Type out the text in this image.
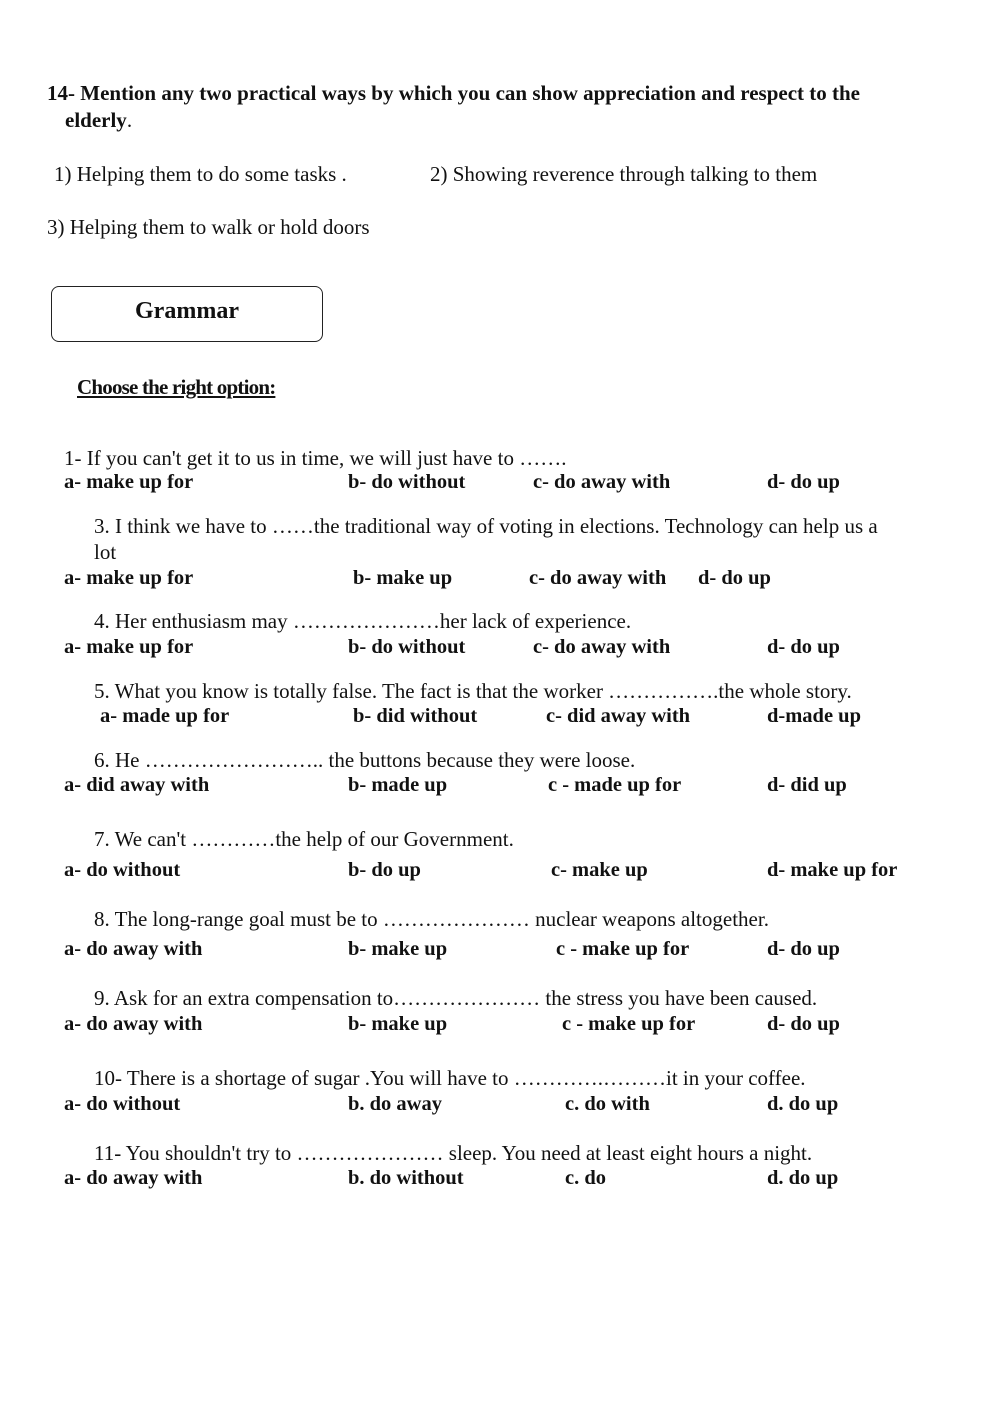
14- Mention any two practical ways by which you can show appreciation and respect to the
elderly.
1) Helping them to do some tasks .	2) Showing reverence through talking to them
3) Helping them to walk or hold doors
Grammar
Choose the right option:
1- If you can't get it to us in time, we will just have to …….
a- make up for	b- do without	c- do away with	d- do up
3. I think we have to ……the traditional way of voting in elections. Technology can help us a
lot
a- make up for	b- make up	c- do away with d- do up
4. Her enthusiasm may …………………her lack of experience.
a- make up for	b- do without	c- do away with	d- do up
5. What you know is totally false. The fact is that the worker …………….the whole story.
a- made up for	b- did without	c- did away with	d-made up
6. He …………………….. the buttons because they were loose.
a- did away with	b- made up	c - made up for	d- did up
7. We can't …………the help of our Government.
a- do without	b- do up	c- make up	d- make up for
8. The long-range goal must be to ………………… nuclear weapons altogether.
a- do away with	b- make up	c - make up for	d- do up
9. Ask for an extra compensation to………………… the stress you have been caused.
a- do away with	b- make up	c - make up for	d- do up
10- There is a shortage of sugar .You will have to ………….………it in your coffee.
a- do without	b. do away	c. do with	d. do up
11- You shouldn't try to ………………… sleep. You need at least eight hours a night.
a- do away with	b. do without	c. do	d. do up
